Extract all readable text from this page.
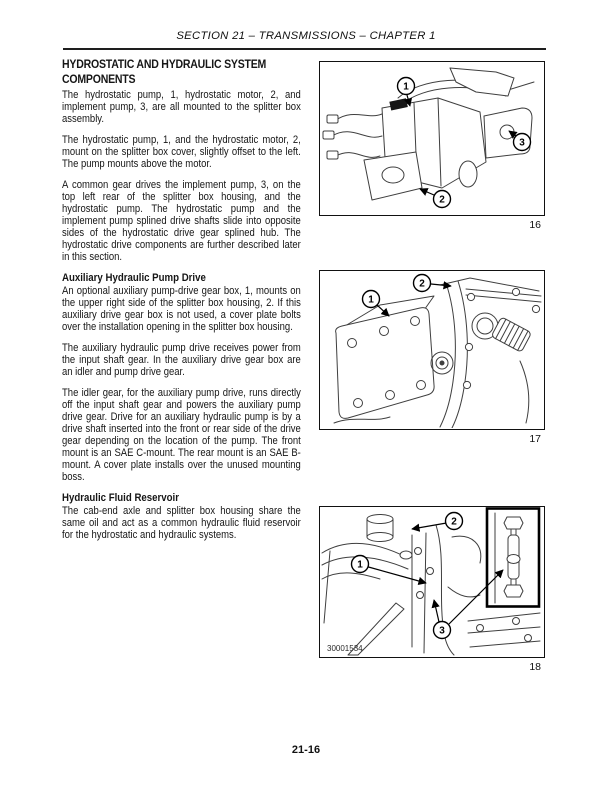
SECTION 21 – TRANSMISSIONS – CHAPTER 1
HYDROSTATIC AND HYDRAULIC SYSTEM COMPONENTS

The hydrostatic pump, 1, hydrostatic motor, 2, and implement pump, 3, are all mounted to the splitter box assembly.

The hydrostatic pump, 1, and the hydrostatic motor, 2, mount on the splitter box cover, slightly offset to the left. The pump mounts above the motor.

A common gear drives the implement pump, 3, on the top left rear of the splitter box housing, and the hydrostatic pump. The hydrostatic pump and the implement pump splined drive shafts slide into opposite sides of the hydrostatic drive gear splined hub. The hydrostatic drive components are further described later in this section.

Auxiliary Hydraulic Pump Drive

An optional auxiliary pump-drive gear box, 1, mounts on the upper right side of the splitter box housing, 2. If this auxiliary drive gear box is not used, a cover plate bolts over the installation opening in the splitter box housing.

The auxiliary hydraulic pump drive receives power from the input shaft gear. In the auxiliary drive gear box are an idler and pump drive gear.

The idler gear, for the auxiliary pump drive, runs directly off the input shaft gear and powers the auxiliary pump drive gear. Drive for an auxiliary hydraulic pump is by a drive shaft inserted into the front or rear side of the drive gear depending on the location of the pump. The front mount is an SAE C-mount. The rear mount is an SAE B-mount. A cover plate installs over the unused mounting boss.

Hydraulic Fluid Reservoir

The cab-end axle and splitter box housing share the same oil and act as a common hydraulic fluid reservoir for the hydrostatic and hydraulic systems.

1
2
3
16
1
2
17
1
2
3
30001534
18
21-16
